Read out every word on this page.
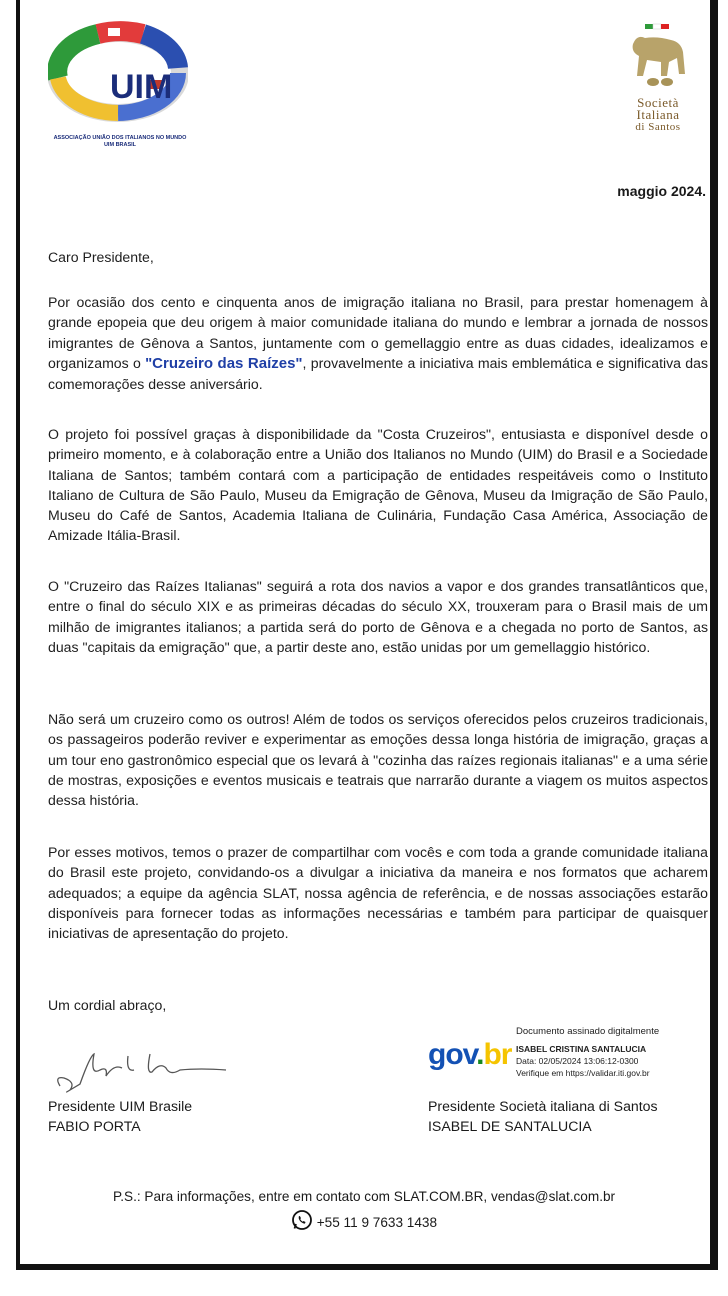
UIM
ASSOCIAÇÃO UNIÃO DOS ITALIANOS NO MUNDO
UIM BRASIL
Società
Italiana
di Santos
maggio 2024.
Caro Presidente,

Por ocasião dos cento e cinquenta anos de imigração italiana no Brasil, para prestar homenagem à grande epopeia que deu origem à maior comunidade italiana do mundo e lembrar a jornada de nossos imigrantes de Gênova a Santos, juntamente com o gemellaggio entre as duas cidades, idealizamos e organizamos o "Cruzeiro das Raízes", provavelmente a iniciativa mais emblemática e significativa das comemorações desse aniversário.

O projeto foi possível graças à disponibilidade da "Costa Cruzeiros", entusiasta e disponível desde o primeiro momento, e à colaboração entre a União dos Italianos no Mundo (UIM) do Brasil e a Sociedade Italiana de Santos; também contará com a participação de entidades respeitáveis como o Instituto Italiano de Cultura de São Paulo, Museu da Emigração de Gênova, Museu da Imigração de São Paulo, Museu do Café de Santos, Academia Italiana de Culinária, Fundação Casa América, Associação de Amizade Itália-Brasil.

O "Cruzeiro das Raízes Italianas" seguirá a rota dos navios a vapor e dos grandes transatlânticos que, entre o final do século XIX e as primeiras décadas do século XX, trouxeram para o Brasil mais de um milhão de imigrantes italianos; a partida será do porto de Gênova e a chegada no porto de Santos, as duas "capitais da emigração" que, a partir deste ano, estão unidas por um gemellaggio histórico.

Não será um cruzeiro como os outros! Além de todos os serviços oferecidos pelos cruzeiros tradicionais, os passageiros poderão reviver e experimentar as emoções dessa longa história de imigração, graças a um tour eno gastronômico especial que os levará à "cozinha das raízes regionais italianas" e a uma série de mostras, exposições e eventos musicais e teatrais que narrarão durante a viagem os muitos aspectos dessa história.

Por esses motivos, temos o prazer de compartilhar com vocês e com toda a grande comunidade italiana do Brasil este projeto, convidando-os a divulgar a iniciativa da maneira e nos formatos que acharem adequados; a equipe da agência SLAT, nossa agência de referência, e de nossas associações estarão disponíveis para fornecer todas as informações necessárias e também para participar de quaisquer iniciativas de apresentação do projeto.

Um cordial abraço,
gov.br
Documento assinado digitalmente
ISABEL CRISTINA SANTALUCIA
Data: 02/05/2024 13:06:12-0300
Verifique em https://validar.iti.gov.br
Presidente UIM Brasile
FABIO PORTA
Presidente Società italiana di Santos
ISABEL DE SANTALUCIA
P.S.: Para informações, entre em contato com SLAT.COM.BR, vendas@slat.com.br
+55 11 9 7633 1438
